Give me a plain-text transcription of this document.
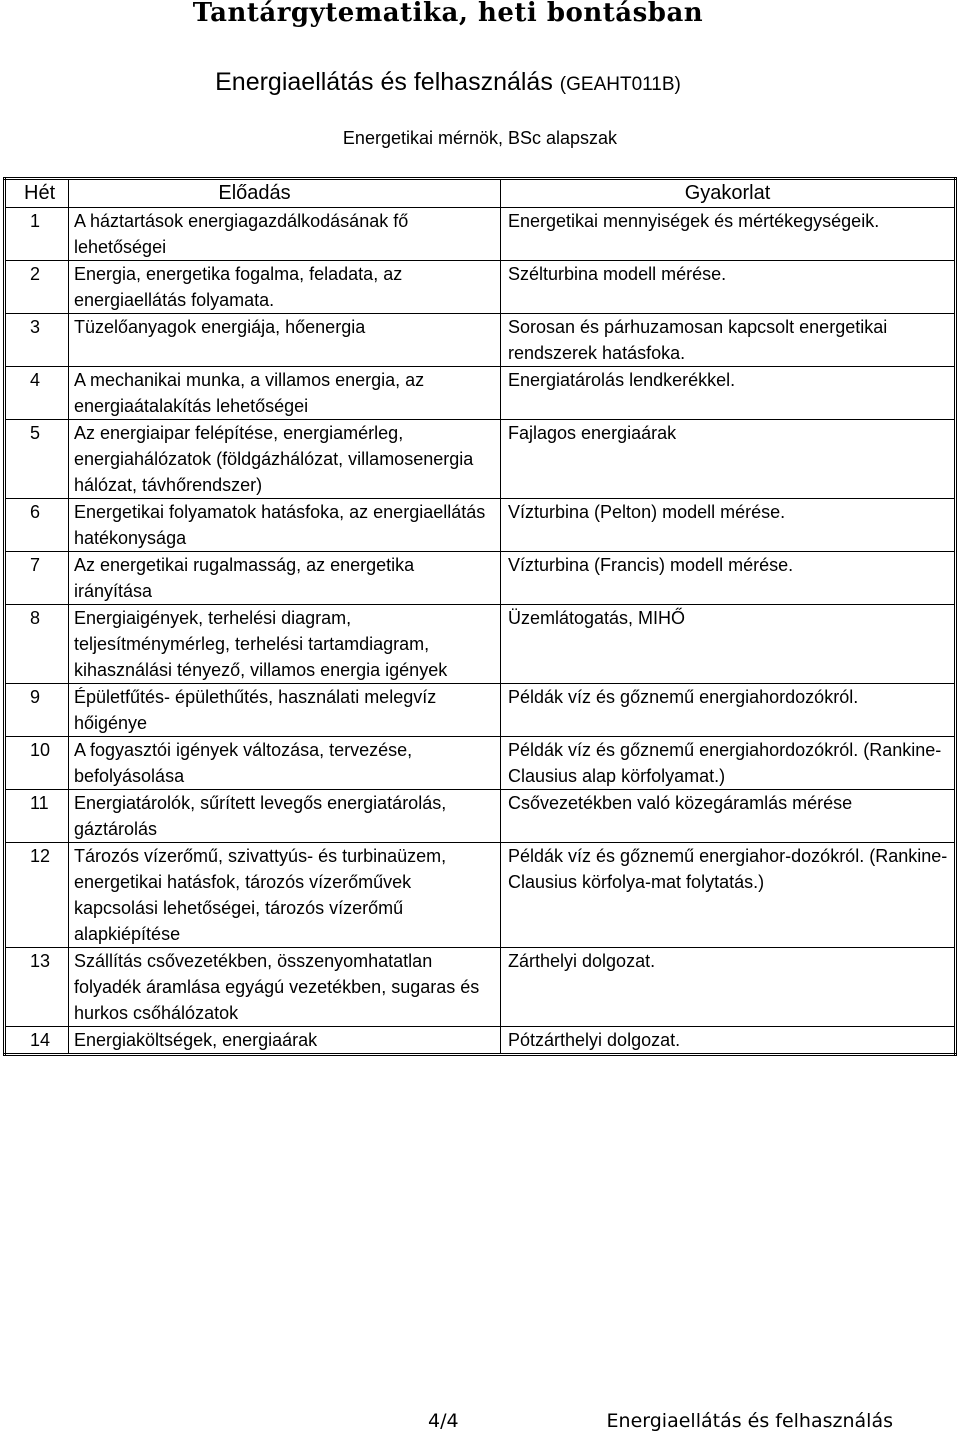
Tantárgytematika, heti bontásban

Energiaellátás és felhasználás (GEAHT011B)

Energetikai mérnök, BSc alapszak

Hét	Előadás	Gyakorlat
1	A háztartások energiagazdálkodásának fő lehetőségei	Energetikai mennyiségek és mértékegységeik.
2	Energia, energetika fogalma, feladata, az energiaellátás folyamata.	Szélturbina modell mérése.
3	Tüzelőanyagok energiája, hőenergia	Sorosan és párhuzamosan kapcsolt energetikai rendszerek hatásfoka.
4	A mechanikai munka, a villamos energia, az energiaátalakítás lehetőségei	Energiatárolás lendkerékkel.
5	Az energiaipar felépítése, energiamérleg, energiahálózatok (földgázhálózat, villamosenergia hálózat, távhőrendszer)	Fajlagos energiaárak
6	Energetikai folyamatok hatásfoka, az energiaellátás hatékonysága	Vízturbina (Pelton) modell mérése.
7	Az energetikai rugalmasság, az energetika irányítása	Vízturbina (Francis) modell mérése.
8	Energiaigények, terhelési diagram, teljesítménymérleg, terhelési tartamdiagram, kihasználási tényező, villamos energia igények	Üzemlátogatás, MIHŐ
9	Épületfűtés- épülethűtés, használati melegvíz hőigénye	Példák víz és gőznemű energiahordozókról.
10	A fogyasztói igények változása, tervezése, befolyásolása	Példák víz és gőznemű energiahordozókról. (Rankine-Clausius alap körfolyamat.)
11	Energiatárolók, sűrített levegős energiatárolás, gáztárolás	Csővezetékben való közegáramlás mérése
12	Tározós vízerőmű, szivattyús- és turbinaüzem, energetikai hatásfok, tározós vízerőművek kapcsolási lehetőségei, tározós vízerőmű alapkiépítése	Példák víz és gőznemű energiahor-dozókról. (Rankine-Clausius körfolya-mat folytatás.)
13	Szállítás csővezetékben, összenyomhatatlan folyadék áramlása egyágú vezetékben, sugaras és hurkos csőhálózatok	Zárthelyi dolgozat.
14	Energiaköltségek, energiaárak	Pótzárthelyi dolgozat.
4/4	Energiaellátás és felhasználás
